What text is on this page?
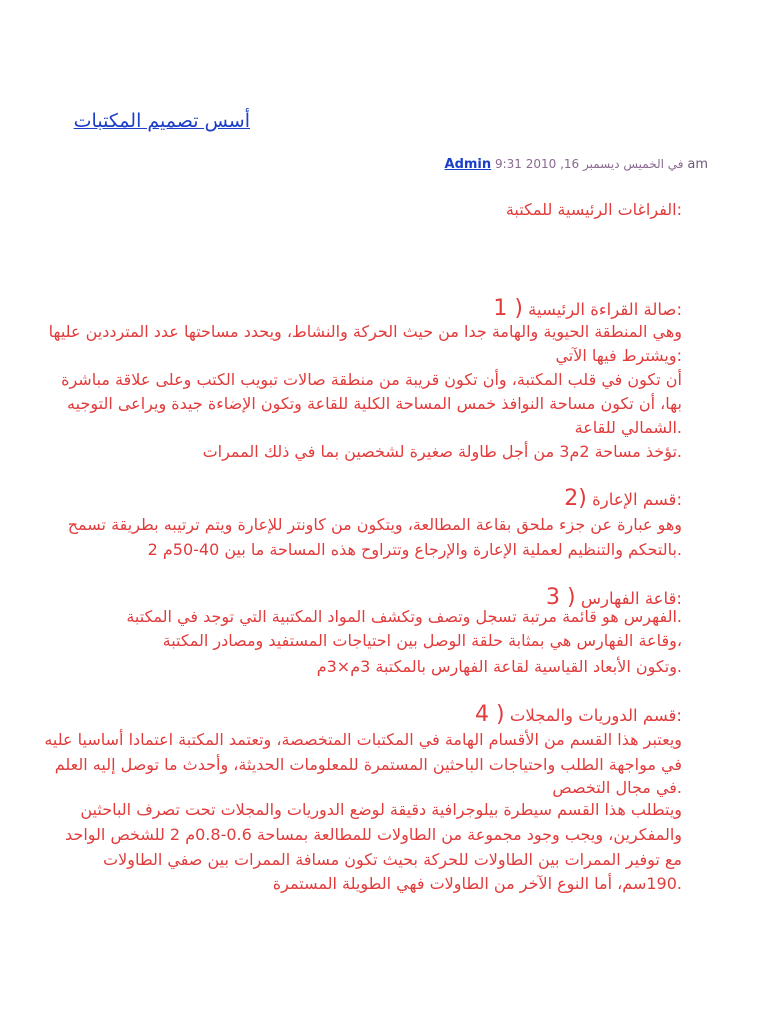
أسس تصميم المكتبات
Admin 9:31 2010 ,16 في الخميس ديسمبر am
:الفراغات الرئيسية للمكتبة
:صالة القراءة الرئيسية ( 1
وهي المنطقة الحيوية والهامة جدا من حيث الحركة والنشاط، ويحدد مساحتها عدد المترددين عليها
:ويشترط فيها الآتي
أن تكون في قلب المكتبة، وأن تكون قريبة من منطقة صالات تبويب الكتب وعلى علاقة مباشرة
بها، أن تكون مساحة النوافذ خمس المساحة الكلية للقاعة وتكون الإضاءة جيدة ويراعى التوجيه
.الشمالي للقاعة
.تؤخذ مساحة 2م3 من أجل طاولة صغيرة لشخصين بما في ذلك الممرات
:قسم الإعارة (2
وهو عبارة عن جزء ملحق بقاعة المطالعة، ويتكون من كاونتر للإعارة ويتم ترتيبه بطريقة تسمح
.بالتحكم والتنظيم لعملية الإعارة والإرجاع وتتراوح هذه المساحة ما بين 40-50م 2
:قاعة الفهارس ( 3
.الفهرس هو قائمة مرتبة تسجل وتصف وتكشف المواد المكتبية التي توجد في المكتبة
،وقاعة الفهارس هي بمثابة حلقة الوصل بين احتياجات المستفيد ومصادر المكتبة
.وتكون الأبعاد القياسية لقاعة الفهارس بالمكتبة 3م×3م
:قسم الدوريات والمجلات ( 4
ويعتبر هذا القسم من الأقسام الهامة في المكتبات المتخصصة، وتعتمد المكتبة اعتمادا أساسيا عليه
في مواجهة الطلب واحتياجات الباحثين المستمرة للمعلومات الحديثة، وأحدث ما توصل إليه العلم
.في مجال التخصص
ويتطلب هذا القسم سيطرة بيلوجرافية دقيقة لوضع الدوريات والمجلات تحت تصرف الباحثين
والمفكرين، ويجب وجود مجموعة من الطاولات للمطالعة بمساحة 0.6-0.8م 2 للشخص الواحد
مع توفير الممرات بين الطاولات للحركة بحيث تكون مسافة الممرات بين صفي الطاولات
.190سم، أما النوع الآخر من الطاولات فهي الطويلة المستمرة
